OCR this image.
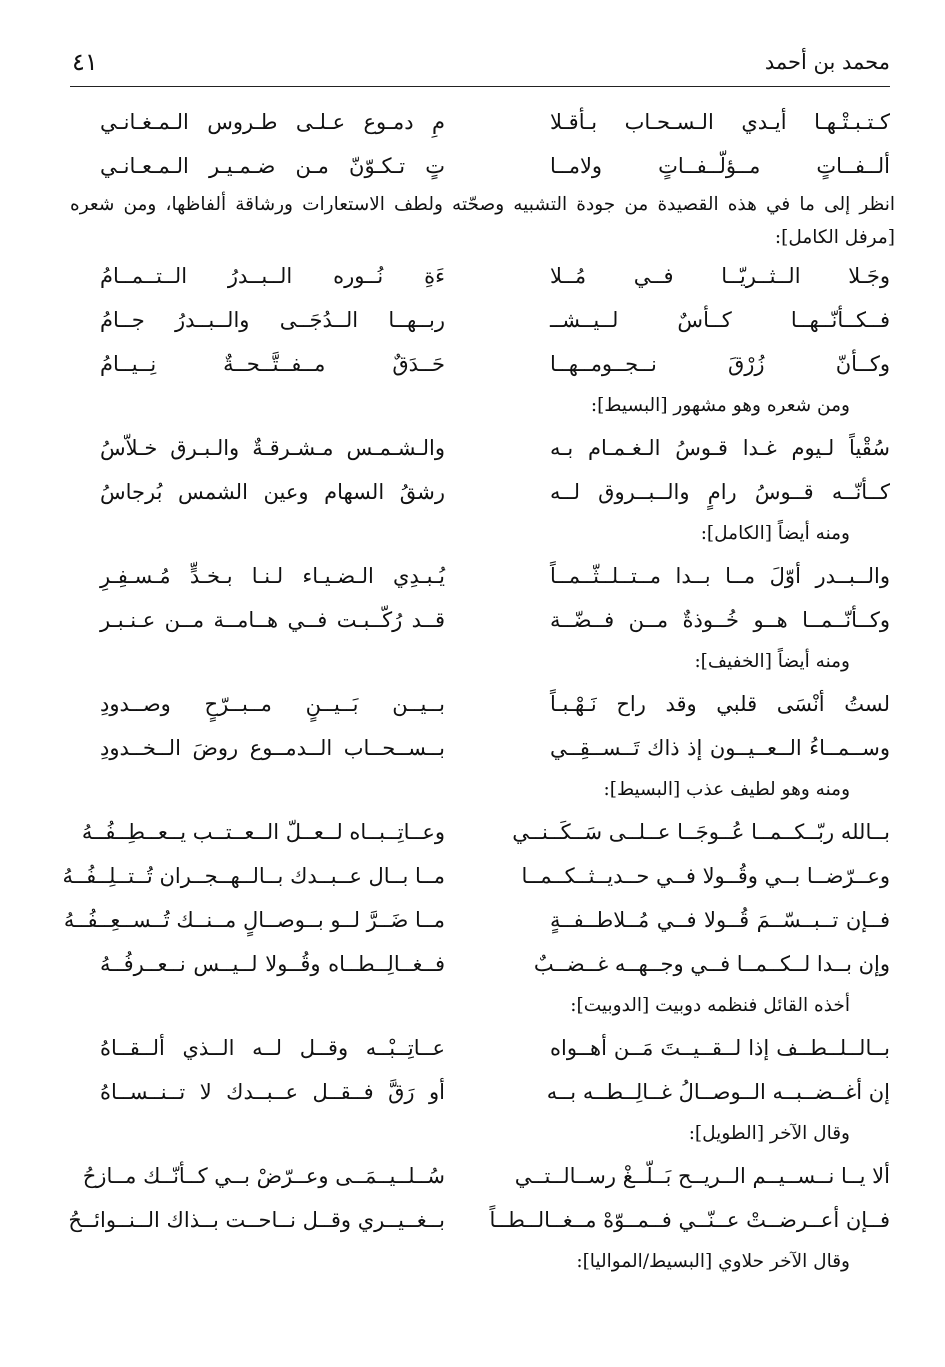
محمد بن أحمد
٤١
كـتـبـتْـهـا أيـدي الـسـحـاب بـأقـلا
مِ دمـوع عـلـى طـروس الـمـغـانـي
ألــفــاتٍ مــؤلّــفــاتٍ ولامــا
تٍ تـكـوّنّ مـن ضـمـيـر الـمـعـانـي
انظر إلى ما في هذه القصيدة من جودة التشبيه وصحّته ولطف الاستعارات ورشاقة ألفاظها، ومن شعره [مرفل الكامل]:
وجَـلا الــثــريّــا فــي مُــلا
ءَةِ نُــوره الــبــدرُ الــتــمــامُ
فــكــأنّــهــا كــأسٌ لــيــشــ
ربــهــا الــدُجَــى والــبــدرُ جــامُ
وكــأنّ زُرْقَ نــجــومــهــا
حَــدَقٌ مــفــتَّــحــةٌ نِــيــامُ
ومن شعره وهو مشهور [البسيط]:
سُقْياً لـيوم غـدا قـوسُ الـغـمـام بـه
والـشـمـس مـشـرقـةٌ والـبـرق خـلاّسُ
كــأنّــه قــوسُ رامٍ والــبــروق لــه
رشقُ السهام وعين الشمس بُرجاسُ
ومنه أيضاً [الكامل]:
والــبــدر أوّلَ مــا بــدا مــتــلــثّــمــاً
يُـبـدِي الـضـيـاء لـنـا بـخـدٍّ مُـسـفِـرِ
وكــأنّــمــا هــو خُــوذةٌ مــن فــضّــة
قــد رُكّــبـت فــي هــامــة مــن عـنـبـر
ومنه أيضاً [الخفيف]:
لستُ أنْسَى قلبي وقد راح نَـهْـبـاً
بــيــن بَــيــنٍ مــبــرّحٍ وصــدودِ
وســمــاءُ الــعــيــون إذ ذاك تَــســقِــي
بــســحــاب الــدمــوع روضَ الــخــدودِ
ومنه وهو لطيف عذب [البسيط]:
بــالله ربّــكــمــا عُــوجَــا عــلــى سَــكَــنــي
وعــاتِــبــاه لــعــلّ الــعــتــب يــعــطِــفُــهُ
وعــرّضــا بــي وقُــولا فــي حــديــثــكــمــا
مــا بــال عــبــدك بــالــهــجــران تُــتــلِــفُــهُ
فــإن تــبــسّــمَ قُــولا فــي مُــلاطــفــةٍ
مــا ضَــرَّ لــو بــوصــالٍ مــنــك تُــســعِــفُــهُ
وإن بــدا لــكــمــا فــي وجــهــه غــضــبٌ
فــغــالِــطــاه وقُــولا لــيــس نــعــرفُــهُ
أخذه القائل فنظمه دوبيت [الدوبيت]:
بــالــلــطــف إذا لــقــيــتَ مَــن أهــواه
عــاتِــبْــه وقــل لــه الــذي ألــقــاهُ
إن أغــضــبــه الــوصــالُ غــالِــطــه بــه
أو رَقَّ فــقــل عــبــدك لا تــنــســاهُ
وقال الآخر [الطويل]:
ألا يــا نــســيــم الــريــح بَــلّــغْ رســالــتــي
سُــلــيــمَــى وعــرّضْ بــي كــأنّــك مــازحُ
فــإن أعــرضــتْ عــنّــي فــمــوّهْ مــغــالــطــاً
بــغــيــري وقــل نــاحــت بــذاك الــنــوائــحُ
وقال الآخر حلاوي [البسيط/المواليا]:
